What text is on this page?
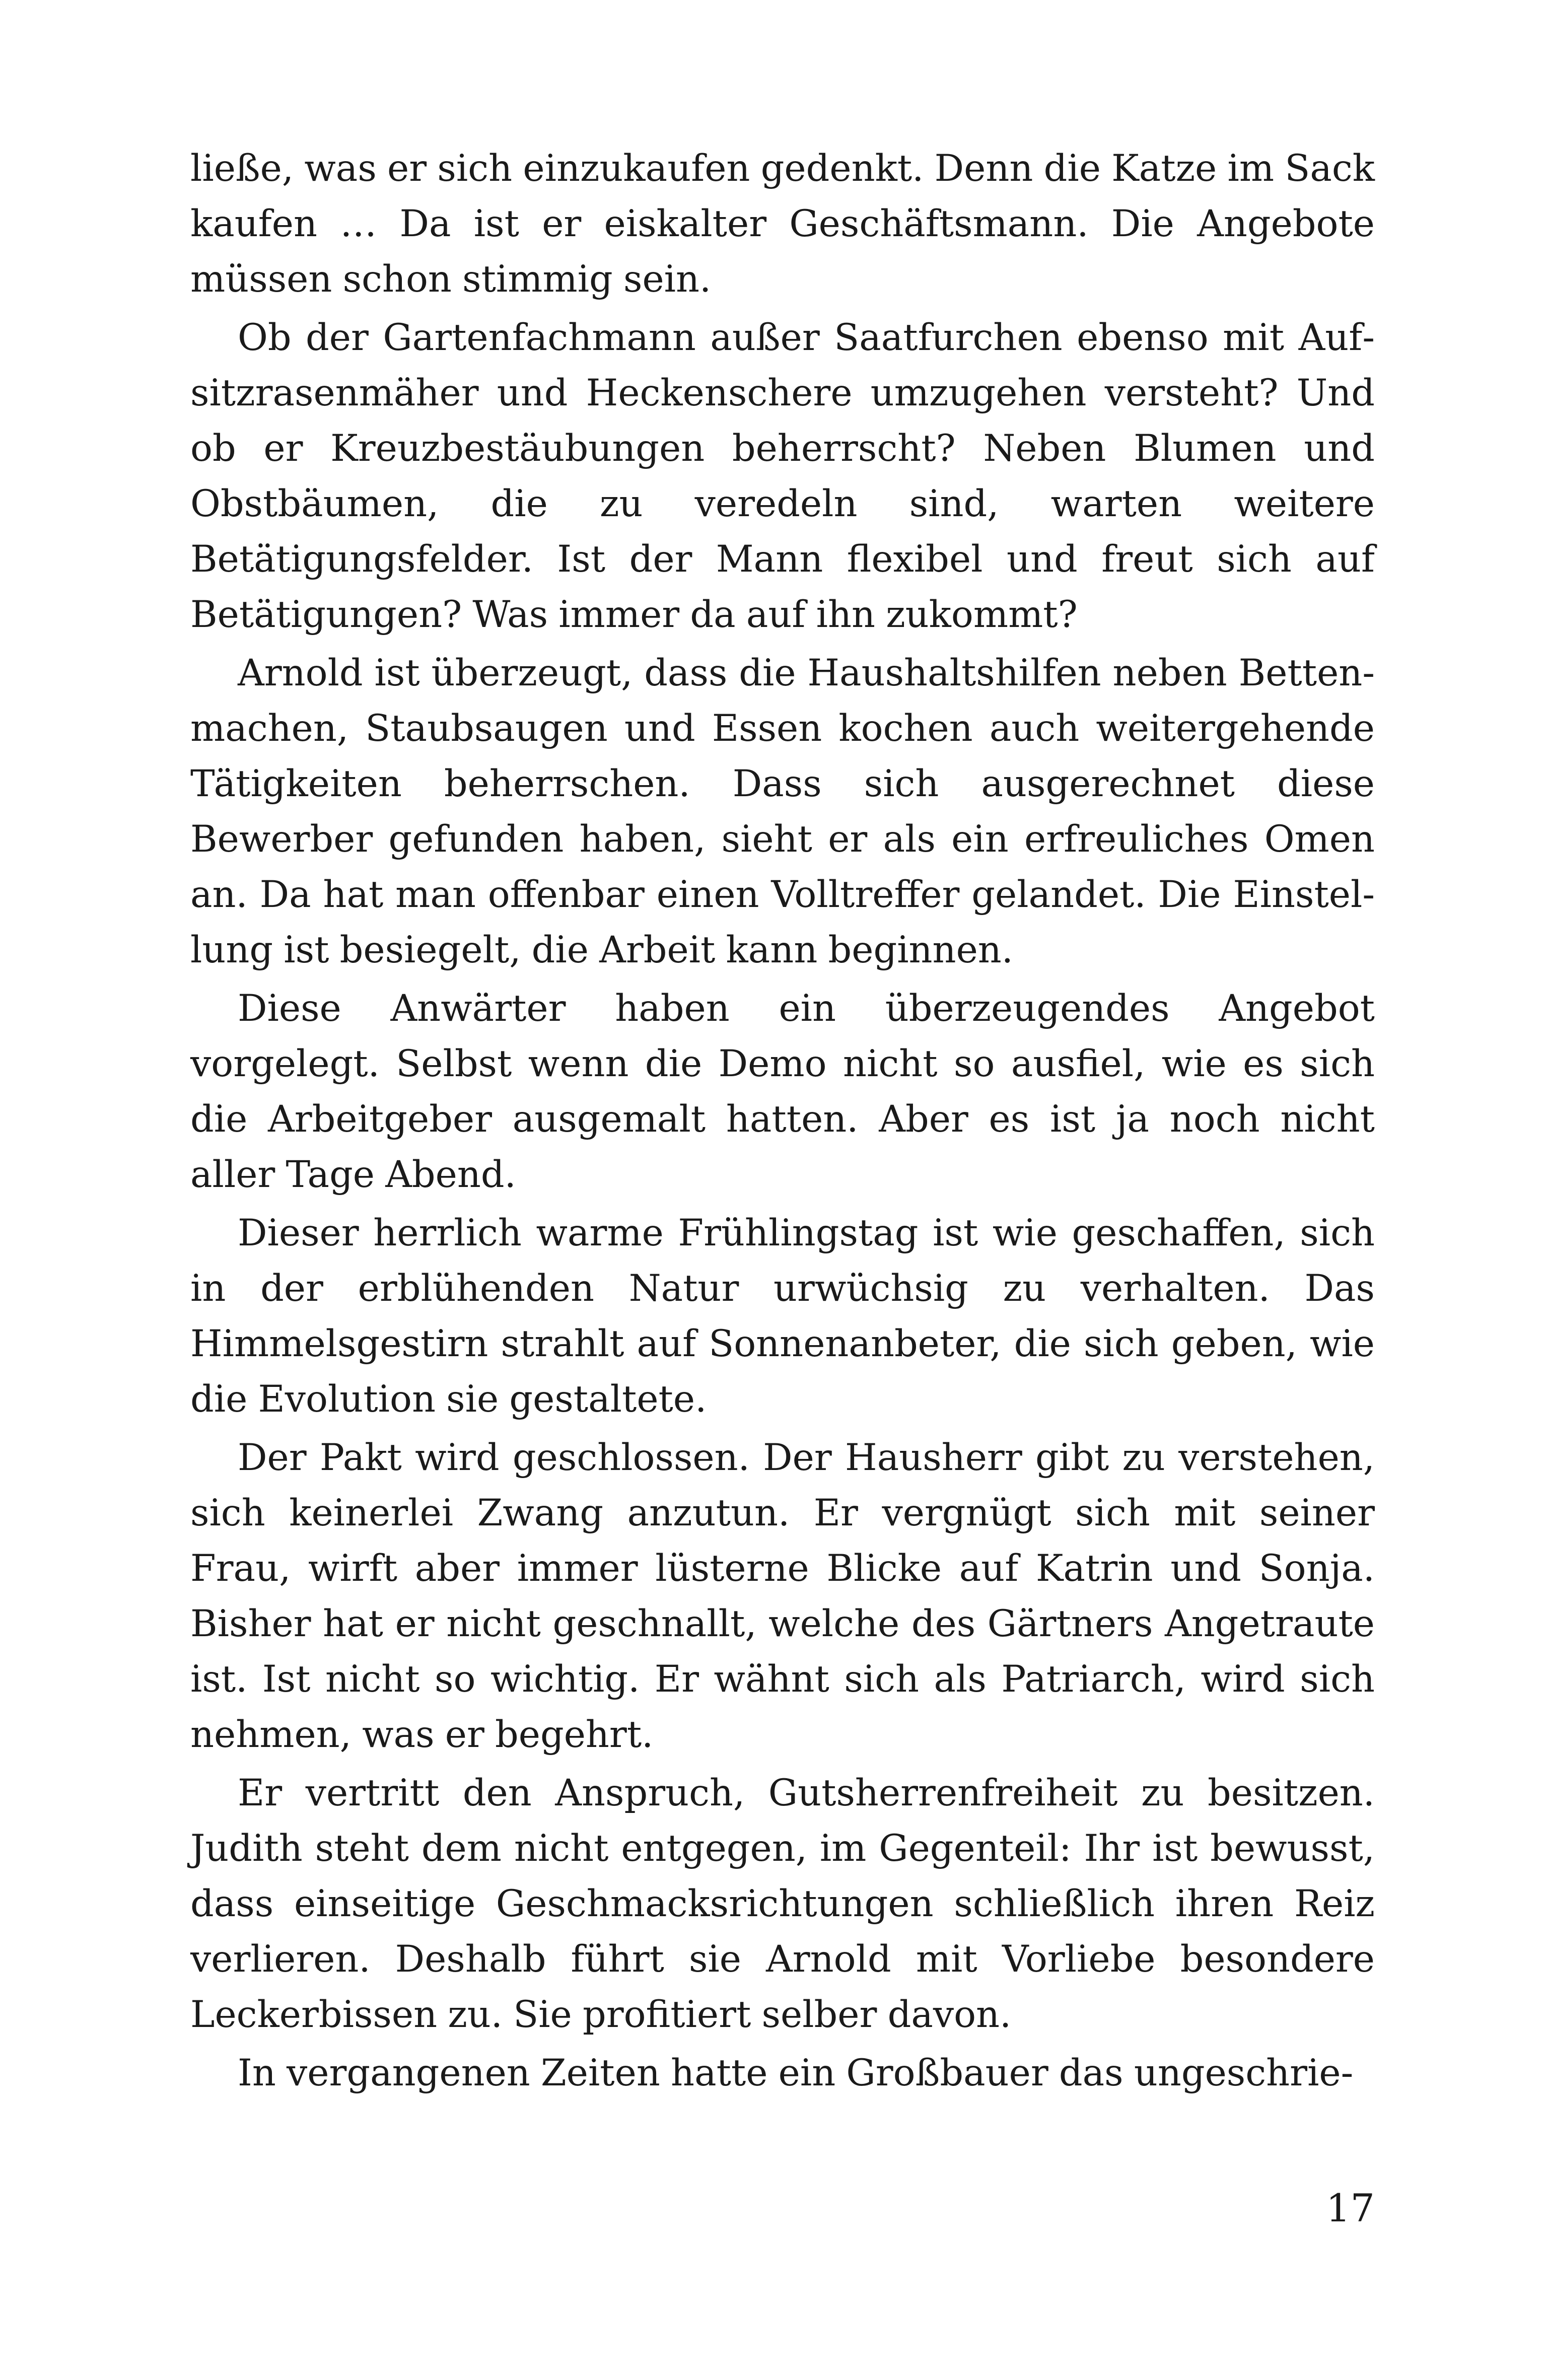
ließe, was er sich einzukaufen gedenkt. Denn die Katze im Sack kaufen … Da ist er eiskalter Geschäftsmann. Die Angebote müssen schon stimmig sein.

Ob der Gartenfachmann außer Saatfurchen ebenso mit Aufsitzrasenmäher und Heckenschere umzugehen versteht? Und ob er Kreuzbestäubungen beherrscht? Neben Blumen und Obstbäumen, die zu veredeln sind, warten weitere Betätigungsfelder. Ist der Mann flexibel und freut sich auf Betätigungen? Was immer da auf ihn zukommt?

Arnold ist überzeugt, dass die Haushaltshilfen neben Bettenmachen, Staubsaugen und Essen kochen auch weitergehende Tätigkeiten beherrschen. Dass sich ausgerechnet diese Bewerber gefunden haben, sieht er als ein erfreuliches Omen an. Da hat man offenbar einen Volltreffer gelandet. Die Einstellung ist besiegelt, die Arbeit kann beginnen.

Diese Anwärter haben ein überzeugendes Angebot vorgelegt. Selbst wenn die Demo nicht so ausfiel, wie es sich die Arbeitgeber ausgemalt hatten. Aber es ist ja noch nicht aller Tage Abend.

Dieser herrlich warme Frühlingstag ist wie geschaffen, sich in der erblühenden Natur urwüchsig zu verhalten. Das Himmelsgestirn strahlt auf Sonnenanbeter, die sich geben, wie die Evolution sie gestaltete.

Der Pakt wird geschlossen. Der Hausherr gibt zu verstehen, sich keinerlei Zwang anzutun. Er vergnügt sich mit seiner Frau, wirft aber immer lüsterne Blicke auf Katrin und Sonja. Bisher hat er nicht geschnallt, welche des Gärtners Angetraute ist. Ist nicht so wichtig. Er wähnt sich als Patriarch, wird sich nehmen, was er begehrt.

Er vertritt den Anspruch, Gutsherrenfreiheit zu besitzen. Judith steht dem nicht entgegen, im Gegenteil: Ihr ist bewusst, dass einseitige Geschmacksrichtungen schließlich ihren Reiz verlieren. Deshalb führt sie Arnold mit Vorliebe besondere Leckerbissen zu. Sie profitiert selber davon.

In vergangenen Zeiten hatte ein Großbauer das ungeschrie-

17
